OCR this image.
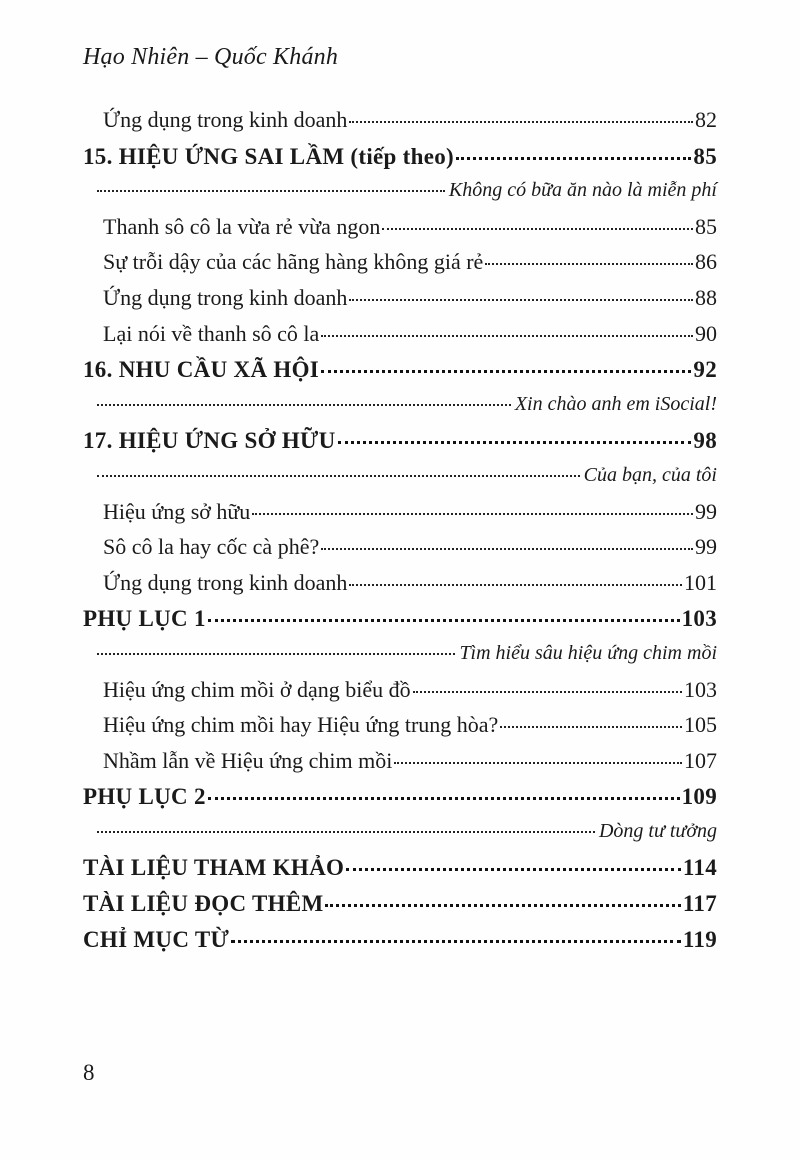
Hạo Nhiên – Quốc Khánh
Ứng dụng trong kinh doanh	82
15. HIỆU ỨNG SAI LẦM (tiếp theo)	85
Không có bữa ăn nào là miễn phí
Thanh sô cô la vừa rẻ vừa ngon	85
Sự trỗi dậy của các hãng hàng không giá rẻ	86
Ứng dụng trong kinh doanh	88
Lại nói về thanh sô cô la	90
16. NHU CẦU XÃ HỘI	92
Xin chào anh em iSocial!
17. HIỆU ỨNG SỞ HỮU	98
Của bạn, của tôi
Hiệu ứng sở hữu	99
Sô cô la hay cốc cà phê?	99
Ứng dụng trong kinh doanh	101
PHỤ LỤC 1	103
Tìm hiểu sâu hiệu ứng chim mồi
Hiệu ứng chim mồi ở dạng biểu đồ	103
Hiệu ứng chim mồi hay Hiệu ứng trung hòa?	105
Nhầm lẫn về Hiệu ứng chim mồi	107
PHỤ LỤC 2	109
Dòng tư tưởng
TÀI LIỆU THAM KHẢO	114
TÀI LIỆU ĐỌC THÊM	117
CHỈ MỤC TỪ	119
8
